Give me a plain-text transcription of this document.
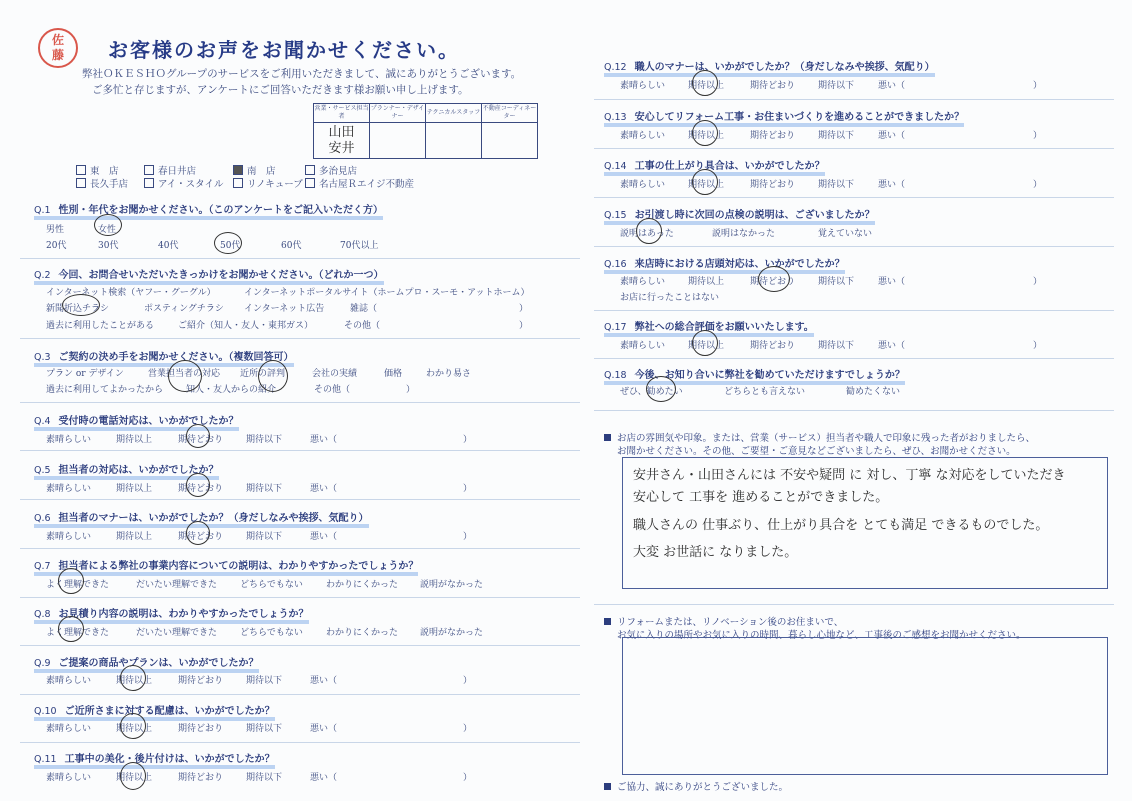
佐
藤	お客様のお声をお聞かせください。
弊社ＯＫＥＳＨＯグループのサービスをご利用いただきまして、誠にありがとうございます。
ご多忙と存じますが、アンケートにご回答いただきます様お願い申し上げます。
営業・サービス担当者	プランナー・デザイナー	テクニカルスタッフ	不動産コーディネーター

山田
安井			

東　店	春日井店	南　店	多治見店
長久手店	アイ・スタイル	リノキューブ	名古屋Ｒエイジ不動産
Q.1 性別・年代をお聞かせください。（このアンケートをご記入いただく方）
男性	女性
20代	30代	40代	50代	60代	70代以上
Q.2 今回、お問合せいただいたきっかけをお聞かせください。（どれか一つ）
インターネット検索（ヤフー・グーグル）	インターネットポータルサイト（ホームプロ・スーモ・アットホーム）
新聞折込チラシ	ポスティングチラシ インターネット広告	雑誌（	）
過去に利用したことがある	ご紹介（知人・友人・東邦ガス）	その他（	）
Q.3 ご契約の決め手をお聞かせください。（複数回答可）
プラン or デザイン	営業担当者の対応 近所の評判	会社の実績	価格	わかり易さ
過去に利用してよかったから	知人・友人からの紹介	その他（	）
Q.4 受付時の電話対応は、いかがでしたか？
素晴らしい	期待以上	期待どおり	期待以下	悪い（	）
Q.5 担当者の対応は、いかがでしたか？
素晴らしい	期待以上	期待どおり	期待以下	悪い（	）
Q.6 担当者のマナーは、いかがでしたか？（身だしなみや挨拶、気配り）
素晴らしい	期待以上	期待どおり	期待以下	悪い（	）
Q.7 担当者による弊社の事業内容についての説明は、わかりやすかったでしょうか？
よく理解できた	だいたい理解できた	どちらでもない	わかりにくかった 説明がなかった
Q.8 お見積り内容の説明は、わかりやすかったでしょうか？
よく理解できた	だいたい理解できた	どちらでもない	わかりにくかった 説明がなかった
Q.9 ご提案の商品やプランは、いかがでしたか？
素晴らしい	期待以上	期待どおり	期待以下	悪い（	）
Q.10 ご近所さまに対する配慮は、いかがでしたか？
素晴らしい	期待以上	期待どおり	期待以下	悪い（	）
Q.11 工事中の美化・後片付けは、いかがでしたか？
素晴らしい	期待以上	期待どおり	期待以下	悪い（	）
Q.12 職人のマナーは、いかがでしたか？（身だしなみや挨拶、気配り）
素晴らしい	期待以上	期待どおり	期待以下	悪い（	）
Q.13 安心してリフォーム工事・お住まいづくりを進めることができましたか？
素晴らしい	期待以上	期待どおり	期待以下	悪い（	）
Q.14 工事の仕上がり具合は、いかがでしたか？
素晴らしい	期待以上	期待どおり	期待以下	悪い（	）
Q.15 お引渡し時に次回の点検の説明は、ございましたか？
説明はあった	説明はなかった	覚えていない
Q.16 来店時における店頭対応は、いかがでしたか？
素晴らしい	期待以上	期待どおり	期待以下	悪い（	）
お店に行ったことはない
Q.17 弊社への総合評価をお願いいたします。
素晴らしい	期待以上	期待どおり	期待以下	悪い（	）
Q.18 今後、お知り合いに弊社を勧めていただけますでしょうか？
ぜひ、勧めたい	どちらとも言えない	勧めたくない
お店の雰囲気や印象。または、営業（サービス）担当者や職人で印象に残った者がおりましたら、
お聞かせください。その他、ご要望・ご意見などございましたら、ぜひ、お聞かせください。
安井さん・山田さんには 不安や疑問 に 対し、丁寧 な対応をしていただき
安心して 工事を 進めることができました。
職人さんの 仕事ぶり、仕上がり具合を とても満足 できるものでした。
大変 お世話に なりました。
リフォームまたは、リノベーション後のお住まいで、
お気に入りの場所やお気に入りの時間、暮らし心地など、工事後のご感想をお聞かせください。
ご協力、誠にありがとうございました。
